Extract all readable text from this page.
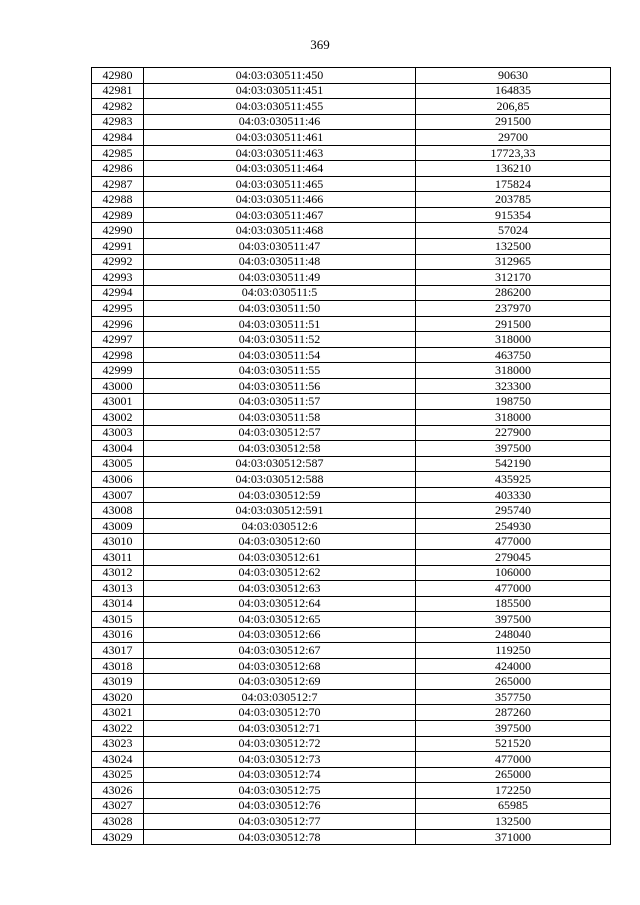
369
42980	04:03:030511:450	90630
42981	04:03:030511:451	164835
42982	04:03:030511:455	206,85
42983	04:03:030511:46	291500
42984	04:03:030511:461	29700
42985	04:03:030511:463	17723,33
42986	04:03:030511:464	136210
42987	04:03:030511:465	175824
42988	04:03:030511:466	203785
42989	04:03:030511:467	915354
42990	04:03:030511:468	57024
42991	04:03:030511:47	132500
42992	04:03:030511:48	312965
42993	04:03:030511:49	312170
42994	04:03:030511:5	286200
42995	04:03:030511:50	237970
42996	04:03:030511:51	291500
42997	04:03:030511:52	318000
42998	04:03:030511:54	463750
42999	04:03:030511:55	318000
43000	04:03:030511:56	323300
43001	04:03:030511:57	198750
43002	04:03:030511:58	318000
43003	04:03:030512:57	227900
43004	04:03:030512:58	397500
43005	04:03:030512:587	542190
43006	04:03:030512:588	435925
43007	04:03:030512:59	403330
43008	04:03:030512:591	295740
43009	04:03:030512:6	254930
43010	04:03:030512:60	477000
43011	04:03:030512:61	279045
43012	04:03:030512:62	106000
43013	04:03:030512:63	477000
43014	04:03:030512:64	185500
43015	04:03:030512:65	397500
43016	04:03:030512:66	248040
43017	04:03:030512:67	119250
43018	04:03:030512:68	424000
43019	04:03:030512:69	265000
43020	04:03:030512:7	357750
43021	04:03:030512:70	287260
43022	04:03:030512:71	397500
43023	04:03:030512:72	521520
43024	04:03:030512:73	477000
43025	04:03:030512:74	265000
43026	04:03:030512:75	172250
43027	04:03:030512:76	65985
43028	04:03:030512:77	132500
43029	04:03:030512:78	371000
